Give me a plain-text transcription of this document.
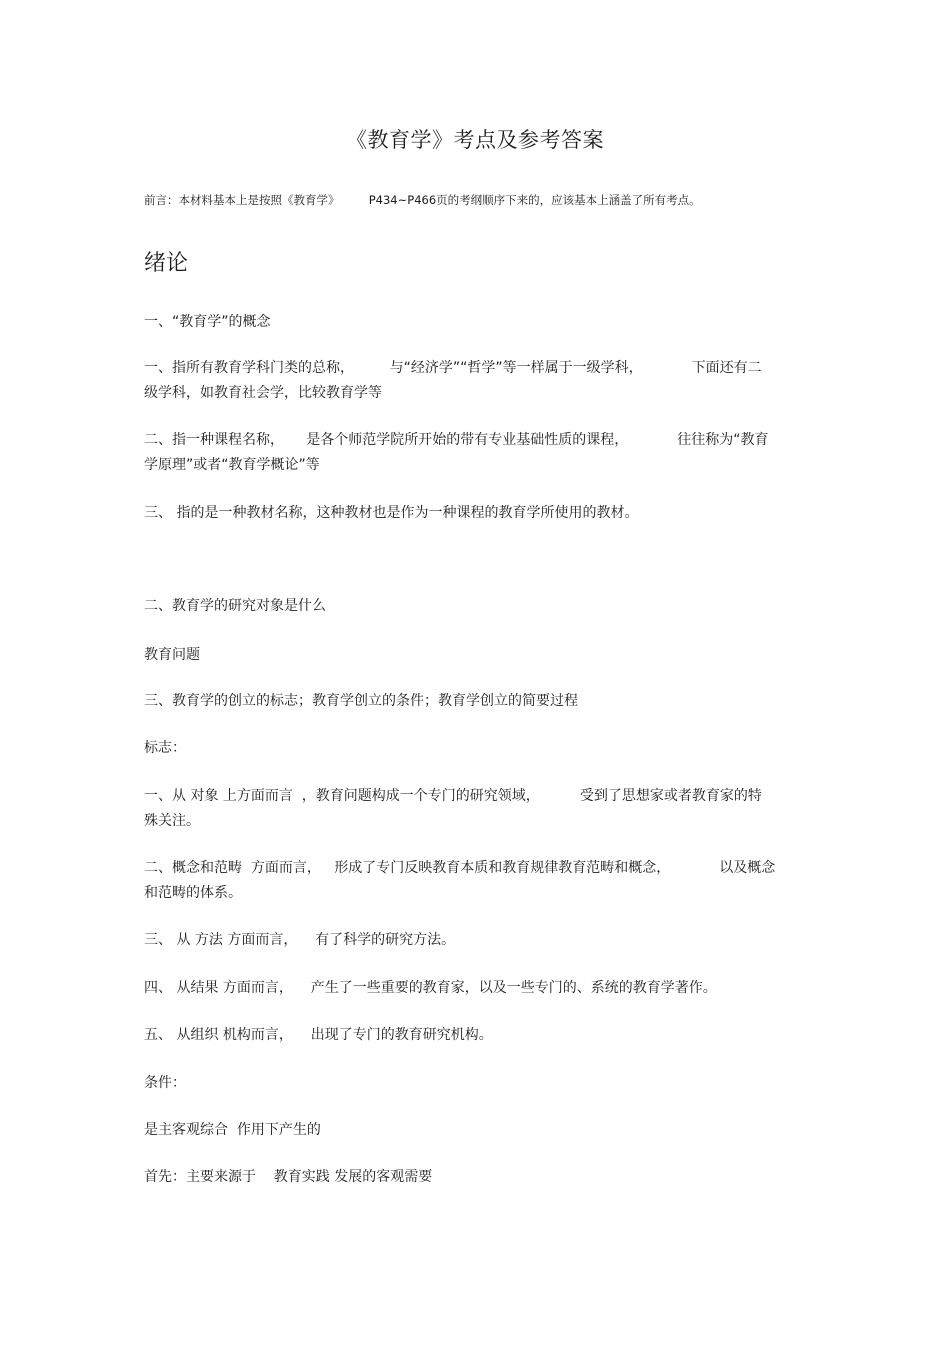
《教育学》考点及参考答案

前言：本材料基本上是按照《教育学》        P434~P466页的考纲顺序下来的，应该基本上涵盖了所有考点。

绪论

一、“教育学”的概念

一、指所有教育学科门类的总称，        与“经济学”“哲学”等一样属于一级学科，           下面还有二
级学科，如教育社会学，比较教育学等

二、指一种课程名称，     是各个师范学院所开始的带有专业基础性质的课程，           往往称为“教育
学原理”或者“教育学概论”等

三、 指的是一种教材名称，这种教材也是作为一种课程的教育学所使用的教材。

二、教育学的研究对象是什么

教育问题

三、教育学的创立的标志；教育学创立的条件；教育学创立的简要过程

标志：

一、从 对象 上方面而言  ，教育问题构成一个专门的研究领域，         受到了思想家或者教育家的特
殊关注。

二、概念和范畴  方面而言，   形成了专门反映教育本质和教育规律教育范畴和概念，           以及概念
和范畴的体系。

三、 从 方法 方面而言，    有了科学的研究方法。

四、 从结果 方面而言，    产生了一些重要的教育家，以及一些专门的、系统的教育学著作。

五、 从组织 机构而言，    出现了专门的教育研究机构。

条件：

是主客观综合  作用下产生的

首先：主要来源于    教育实践 发展的客观需要
